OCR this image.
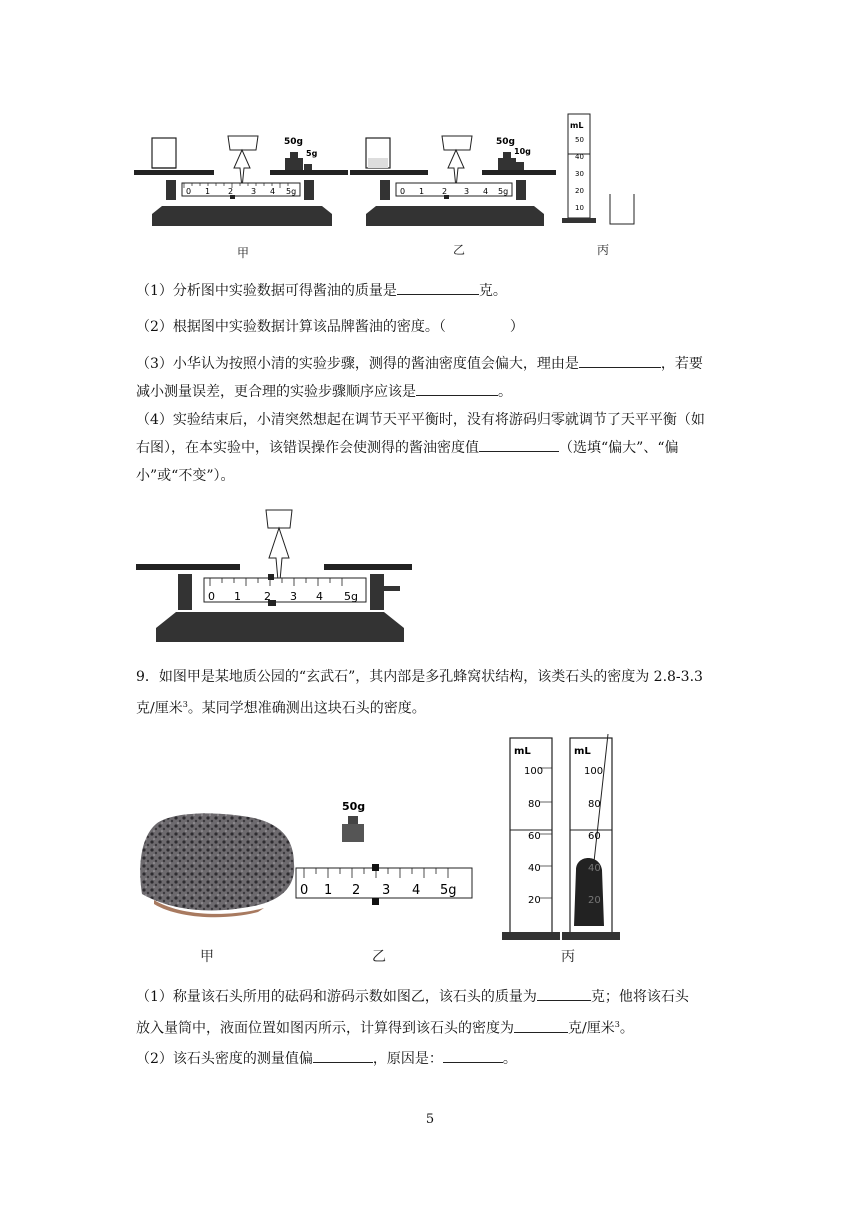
0 1 2 3 4 5g
50g
5g
甲
0 1 2 3 4 5g
50g
10g
乙
mL
50
40
30
20
10
丙

（1）分析图中实验数据可得酱油的质量是	克。

（2）根据图中实验数据计算该品牌酱油的密度。（	）

（3）小华认为按照小清的实验步骤，测得的酱油密度值会偏大，理由是	，若要
减小测量误差，更合理的实验步骤顺序应该是	。

（4）实验结束后，小清突然想起在调节天平平衡时，没有将游码归零就调节了天平平衡（如
右图），在本实验中，该错误操作会使测得的酱油密度值	（选填“偏大”、“偏
小”或“不变”）。

0 1 2 3 4 5g

9．如图甲是某地质公园的“玄武石”，其内部是多孔蜂窝状结构，该类石头的密度为 2.8-3.3
克/厘米$^3$。某同学想准确测出这块石头的密度。

甲
50g
0 1 2 3 4 5g
乙
mL
100
80
60
40
20
mL
100
80
60
40
20
丙

（1）称量该石头所用的砝码和游码示数如图乙，该石头的质量为	克；他将该石头
放入量筒中，液面位置如图丙所示，计算得到该石头的密度为	克/厘米$^3$。

（2）该石头密度的测量值偏	，原因是：	。

5
